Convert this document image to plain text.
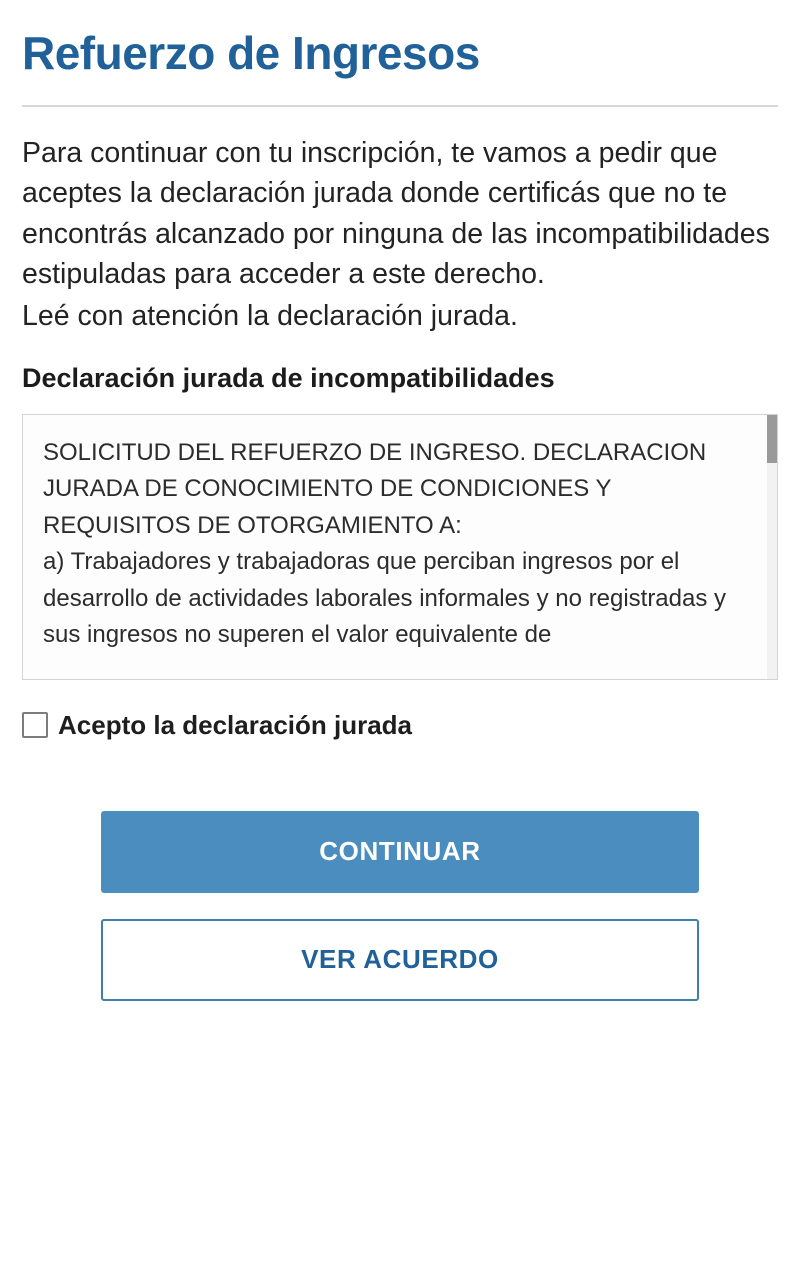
Refuerzo de Ingresos

Para continuar con tu inscripción, te vamos a pedir que aceptes la declaración jurada donde certificás que no te encontrás alcanzado por ninguna de las incompatibilidades estipuladas para acceder a este derecho.

Leé con atención la declaración jurada.

Declaración jurada de incompatibilidades

SOLICITUD DEL REFUERZO DE INGRESO. DECLARACION JURADA DE CONOCIMIENTO DE CONDICIONES Y REQUISITOS DE OTORGAMIENTO A:

a) Trabajadores y trabajadoras que perciban ingresos por el desarrollo de actividades laborales informales y no registradas y sus ingresos no superen el valor equivalente de

Acepto la declaración jurada
CONTINUAR
VER ACUERDO
